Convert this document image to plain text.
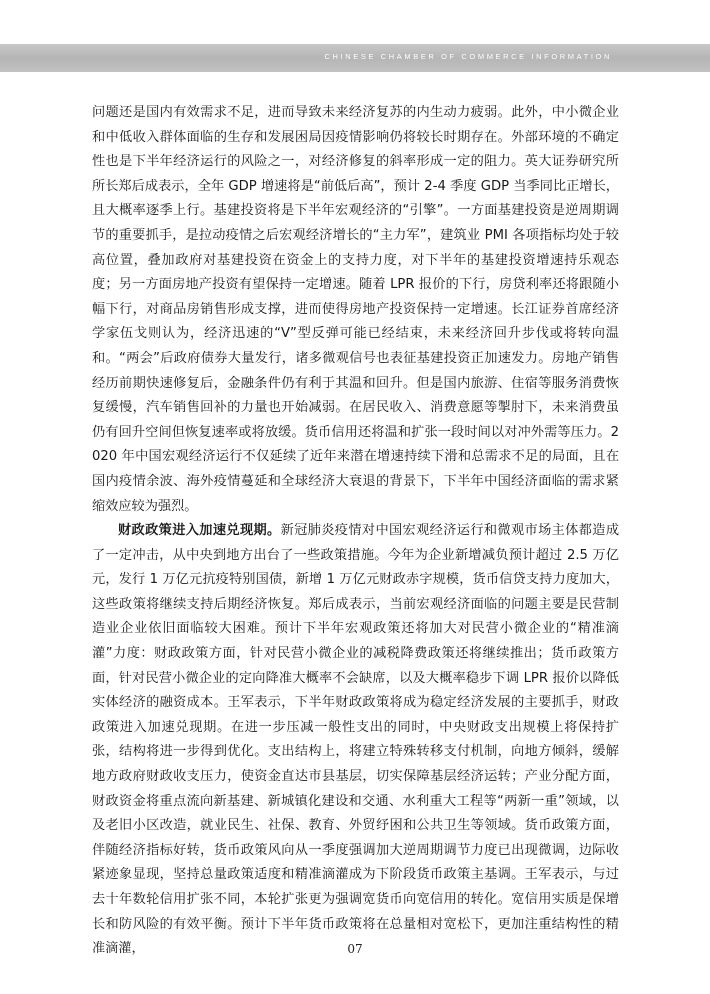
CHINESE CHAMBER OF COMMERCE INFORMATION

问题还是国内有效需求不足，进而导致未来经济复苏的内生动力疲弱。此外，中小微企业和中低收入群体面临的生存和发展困局因疫情影响仍将较长时期存在。外部环境的不确定性也是下半年经济运行的风险之一，对经济修复的斜率形成一定的阻力。英大证券研究所所长郑后成表示，全年 GDP 增速将是“前低后高”，预计 2-4 季度 GDP 当季同比正增长，且大概率逐季上行。基建投资将是下半年宏观经济的“引擎”。一方面基建投资是逆周期调节的重要抓手，是拉动疫情之后宏观经济增长的“主力军”，建筑业 PMI 各项指标均处于较高位置，叠加政府对基建投资在资金上的支持力度，对下半年的基建投资增速持乐观态度；另一方面房地产投资有望保持一定增速。随着 LPR 报价的下行，房贷利率还将跟随小幅下行，对商品房销售形成支撑，进而使得房地产投资保持一定增速。长江证券首席经济学家伍戈则认为，经济迅速的“V”型反弹可能已经结束，未来经济回升步伐或将转向温和。“两会”后政府债券大量发行，诸多微观信号也表征基建投资正加速发力。房地产销售经历前期快速修复后，金融条件仍有利于其温和回升。但是国内旅游、住宿等服务消费恢复缓慢，汽车销售回补的力量也开始减弱。在居民收入、消费意愿等掣肘下，未来消费虽仍有回升空间但恢复速率或将放缓。货币信用还将温和扩张一段时间以对冲外需等压力。2020 年中国宏观经济运行不仅延续了近年来潜在增速持续下滑和总需求不足的局面，且在国内疫情余波、海外疫情蔓延和全球经济大衰退的背景下，下半年中国经济面临的需求紧缩效应较为强烈。

财政政策进入加速兑现期。新冠肺炎疫情对中国宏观经济运行和微观市场主体都造成了一定冲击，从中央到地方出台了一些政策措施。今年为企业新增减负预计超过 2.5 万亿元，发行 1 万亿元抗疫特别国债，新增 1 万亿元财政赤字规模，货币信贷支持力度加大，这些政策将继续支持后期经济恢复。郑后成表示，当前宏观经济面临的问题主要是民营制造业企业依旧面临较大困难。预计下半年宏观政策还将加大对民营小微企业的“精准滴灌”力度：财政政策方面，针对民营小微企业的减税降费政策还将继续推出；货币政策方面，针对民营小微企业的定向降准大概率不会缺席，以及大概率稳步下调 LPR 报价以降低实体经济的融资成本。王军表示，下半年财政政策将成为稳定经济发展的主要抓手，财政政策进入加速兑现期。在进一步压减一般性支出的同时，中央财政支出规模上将保持扩张，结构将进一步得到优化。支出结构上，将建立特殊转移支付机制，向地方倾斜，缓解地方政府财政收支压力，使资金直达市县基层，切实保障基层经济运转；产业分配方面，财政资金将重点流向新基建、新城镇化建设和交通、水利重大工程等“两新一重”领域，以及老旧小区改造，就业民生、社保、教育、外贸纾困和公共卫生等领域。货币政策方面，伴随经济指标好转，货币政策风向从一季度强调加大逆周期调节力度已出现微调，边际收紧迹象显现，坚持总量政策适度和精准滴灌成为下阶段货币政策主基调。王军表示，与过去十年数轮信用扩张不同，本轮扩张更为强调宽货币向宽信用的转化。宽信用实质是保增长和防风险的有效平衡。预计下半年货币政策将在总量相对宽松下，更加注重结构性的精准滴灌，	07
